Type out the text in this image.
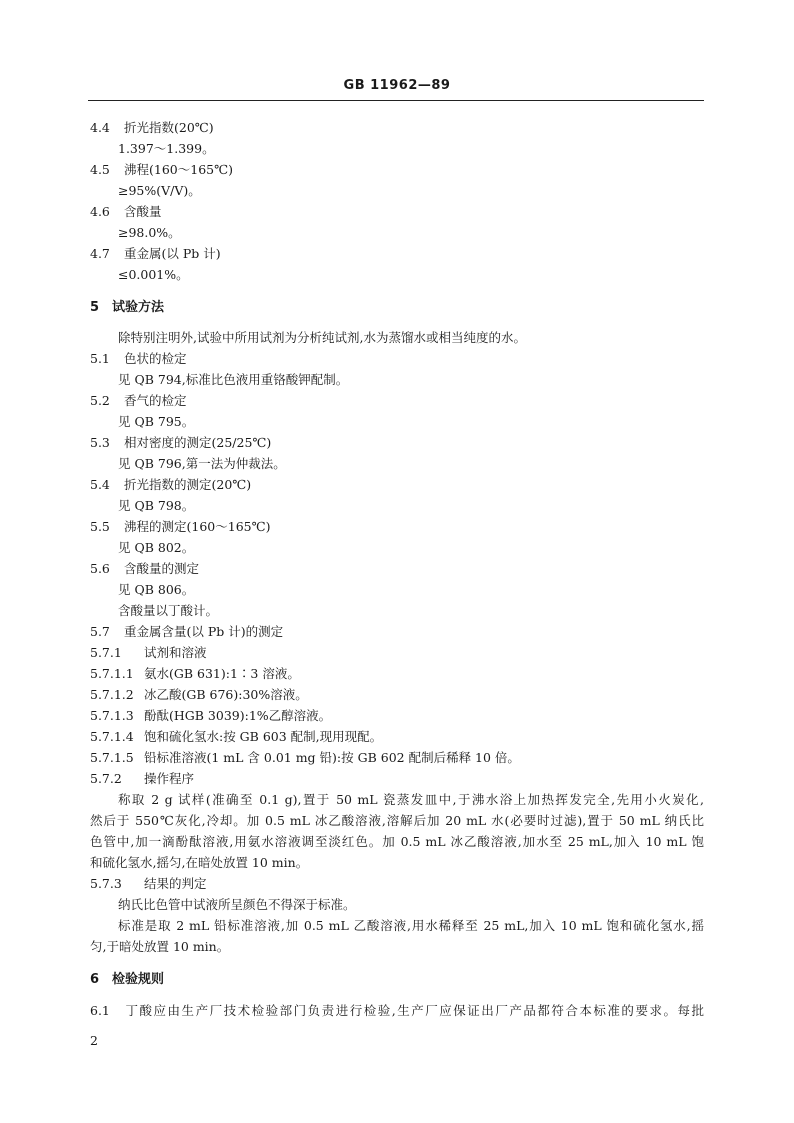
GB 11962—89
4.4 折光指数(20℃)
1.397～1.399。
4.5 沸程(160～165℃)
≥95%(V/V)。
4.6 含酸量
≥98.0%。
4.7 重金属(以 Pb 计)
≤0.001%。
5 试验方法
除特别注明外,试验中所用试剂为分析纯试剂,水为蒸馏水或相当纯度的水。
5.1 色状的检定
见 QB 794,标准比色液用重铬酸钾配制。
5.2 香气的检定
见 QB 795。
5.3 相对密度的测定(25/25℃)
见 QB 796,第一法为仲裁法。
5.4 折光指数的测定(20℃)
见 QB 798。
5.5 沸程的测定(160～165℃)
见 QB 802。
5.6 含酸量的测定
见 QB 806。
含酸量以丁酸计。
5.7 重金属含量(以 Pb 计)的测定
5.7.1 试剂和溶液
5.7.1.1 氨水(GB 631):1∶3 溶液。
5.7.1.2 冰乙酸(GB 676):30%溶液。
5.7.1.3 酚酞(HGB 3039):1%乙醇溶液。
5.7.1.4 饱和硫化氢水:按 GB 603 配制,现用现配。
5.7.1.5 铅标准溶液(1 mL 含 0.01 mg 铅):按 GB 602 配制后稀释 10 倍。
5.7.2 操作程序
称取 2 g 试样(准确至 0.1 g),置于 50 mL 瓷蒸发皿中,于沸水浴上加热挥发完全,先用小火炭化,
然后于 550℃灰化,冷却。加 0.5 mL 冰乙酸溶液,溶解后加 20 mL 水(必要时过滤),置于 50 mL 纳氏比
色管中,加一滴酚酞溶液,用氨水溶液调至淡红色。加 0.5 mL 冰乙酸溶液,加水至 25 mL,加入 10 mL 饱
和硫化氢水,摇匀,在暗处放置 10 min。
5.7.3 结果的判定
纳氏比色管中试液所呈颜色不得深于标准。
标准是取 2 mL 铅标准溶液,加 0.5 mL 乙酸溶液,用水稀释至 25 mL,加入 10 mL 饱和硫化氢水,摇
匀,于暗处放置 10 min。
6 检验规则
6.1 丁酸应由生产厂技术检验部门负责进行检验,生产厂应保证出厂产品都符合本标准的要求。每批
2
